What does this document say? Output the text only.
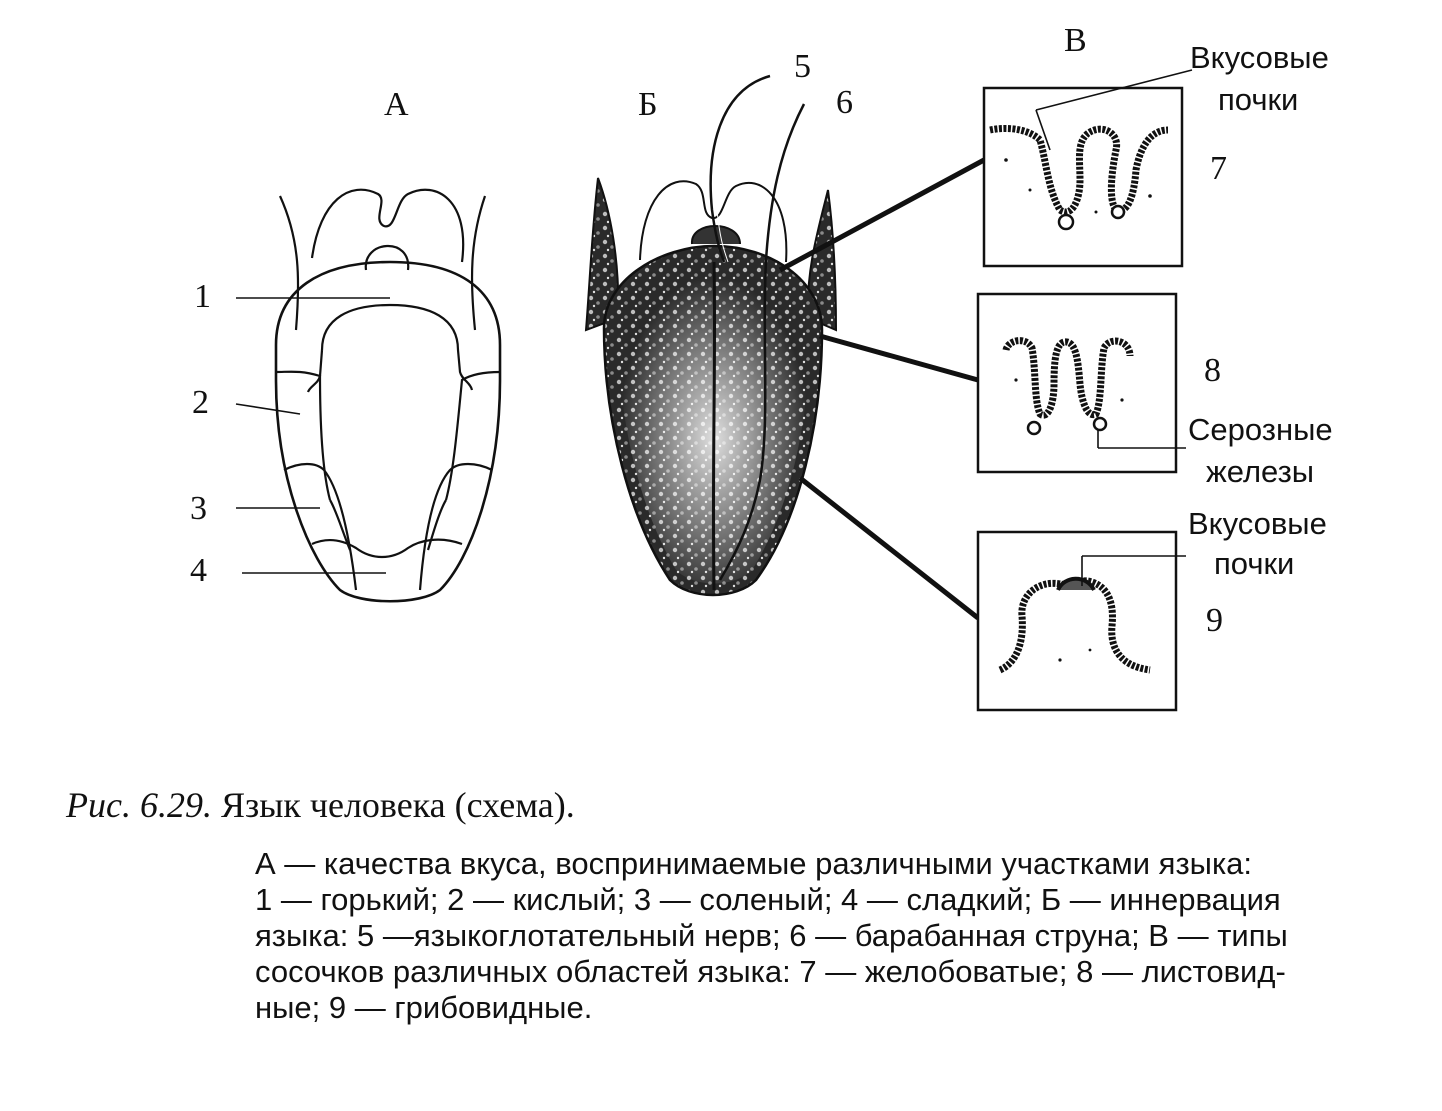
А	Б
В
1
2
3
4
5
6
7
8
9
Вкусовые
почки
Серозные
железы
Вкусовые
почки
Рис. 6.29. Язык человека (схема).
А — качества вкуса, воспринимаемые различными участками языка:
1 — горький; 2 — кислый; 3 — соленый; 4 — сладкий; Б — иннервация
языка: 5 —языкоглотательный нерв; 6 — барабанная струна; В — типы
сосочков различных областей языка: 7 — желобоватые; 8 — листовид-
ные; 9 — грибовидные.
